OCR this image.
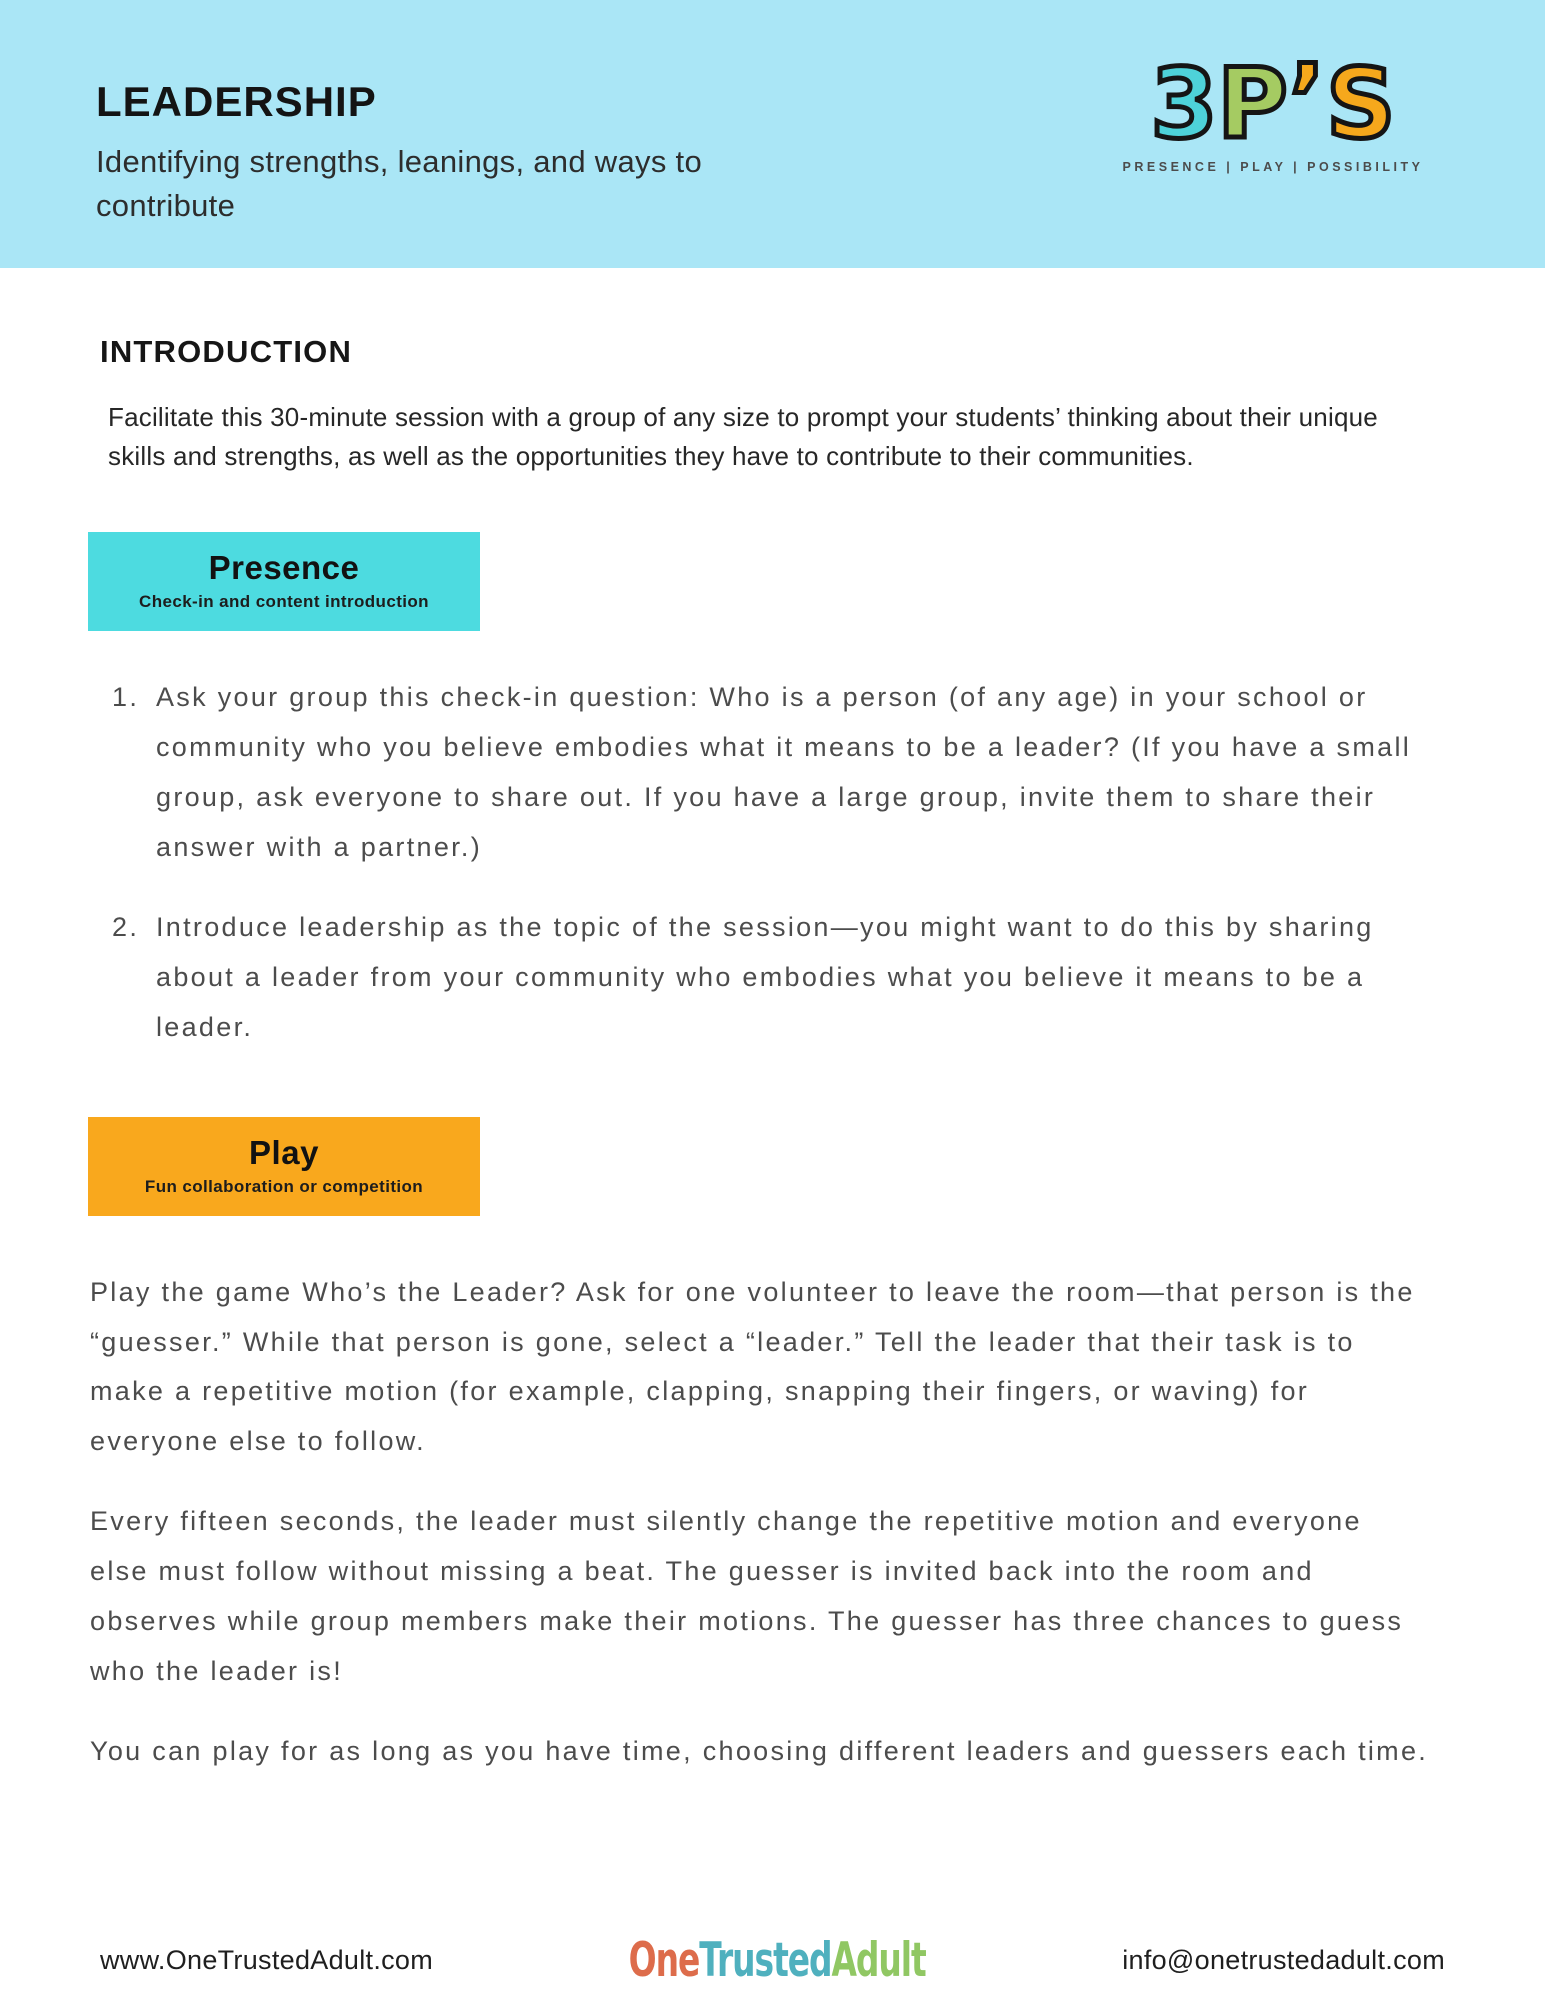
LEADERSHIP
Identifying strengths, leanings, and ways to contribute
3P’S
PRESENCE | PLAY | POSSIBILITY
INTRODUCTION

Facilitate this 30-minute session with a group of any size to prompt your students’ thinking about their unique skills and strengths, as well as the opportunities they have to contribute to their communities.

Presence
Check-in and content introduction
1. Ask your group this check-in question: Who is a person (of any age) in your school or community who you believe embodies what it means to be a leader? (If you have a small group, ask everyone to share out. If you have a large group, invite them to share their answer with a partner.)
2. Introduce leadership as the topic of the session—you might want to do this by sharing about a leader from your community who embodies what you believe it means to be a leader.
Play
Fun collaboration or competition

Play the game Who’s the Leader? Ask for one volunteer to leave the room—that person is the “guesser.” While that person is gone, select a “leader.” Tell the leader that their task is to make a repetitive motion (for example, clapping, snapping their fingers, or waving) for everyone else to follow.

Every fifteen seconds, the leader must silently change the repetitive motion and everyone else must follow without missing a beat. The guesser is invited back into the room and observes while group members make their motions. The guesser has three chances to guess who the leader is!

You can play for as long as you have time, choosing different leaders and guessers each time.

www.OneTrustedAdult.com	OneTrustedAdult	info@onetrustedadult.com
